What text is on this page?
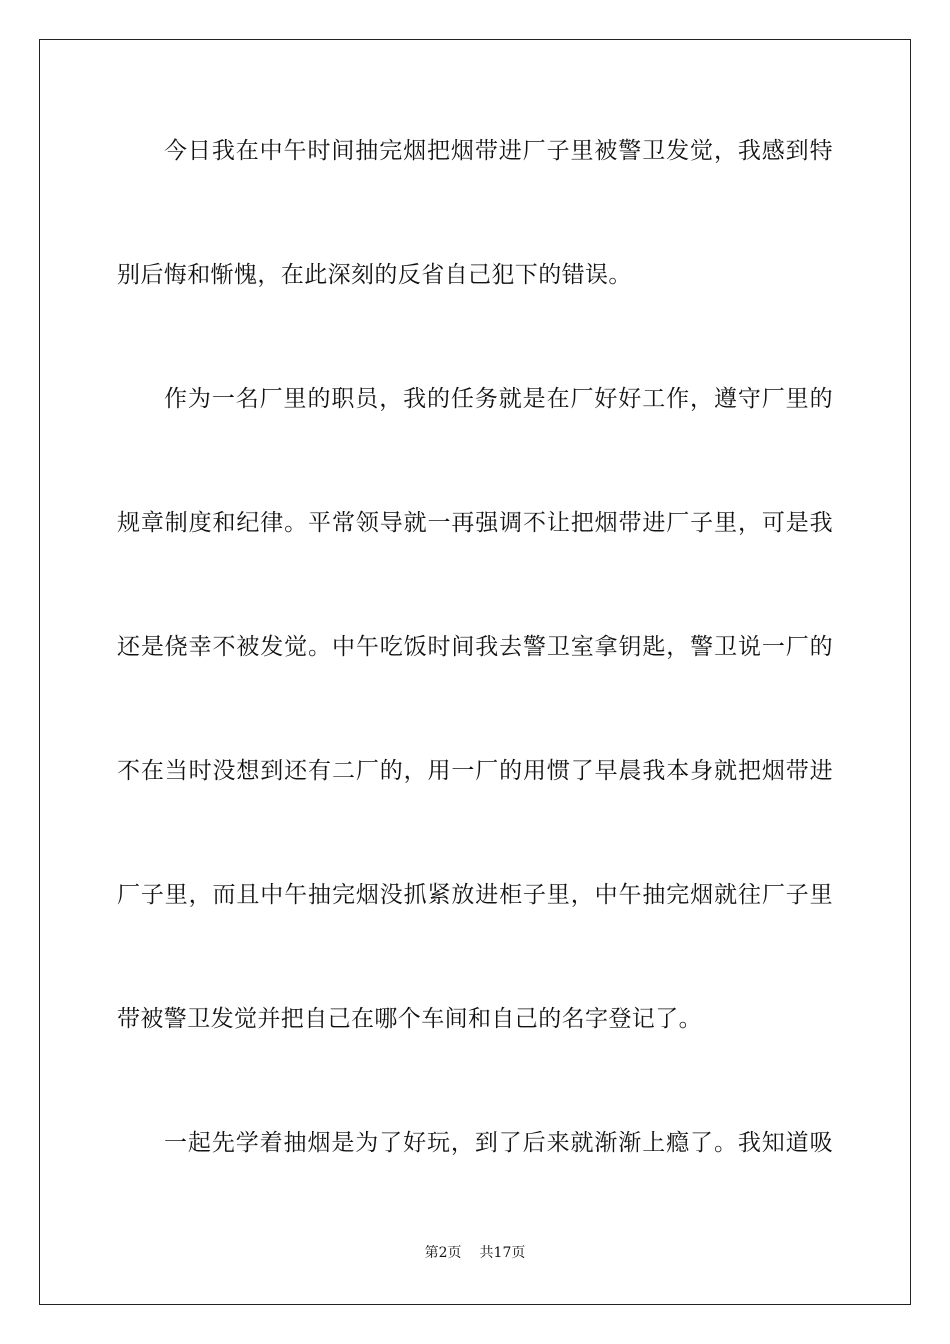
今日我在中午时间抽完烟把烟带进厂子里被警卫发觉，我感到特
别后悔和惭愧，在此深刻的反省自己犯下的错误。
作为一名厂里的职员，我的任务就是在厂好好工作，遵守厂里的
规章制度和纪律。平常领导就一再强调不让把烟带进厂子里，可是我
还是侥幸不被发觉。中午吃饭时间我去警卫室拿钥匙，警卫说一厂的
不在当时没想到还有二厂的，用一厂的用惯了早晨我本身就把烟带进
厂子里，而且中午抽完烟没抓紧放进柜子里，中午抽完烟就往厂子里
带被警卫发觉并把自己在哪个车间和自己的名字登记了。
一起先学着抽烟是为了好玩，到了后来就渐渐上瘾了。我知道吸
第2页 共17页
